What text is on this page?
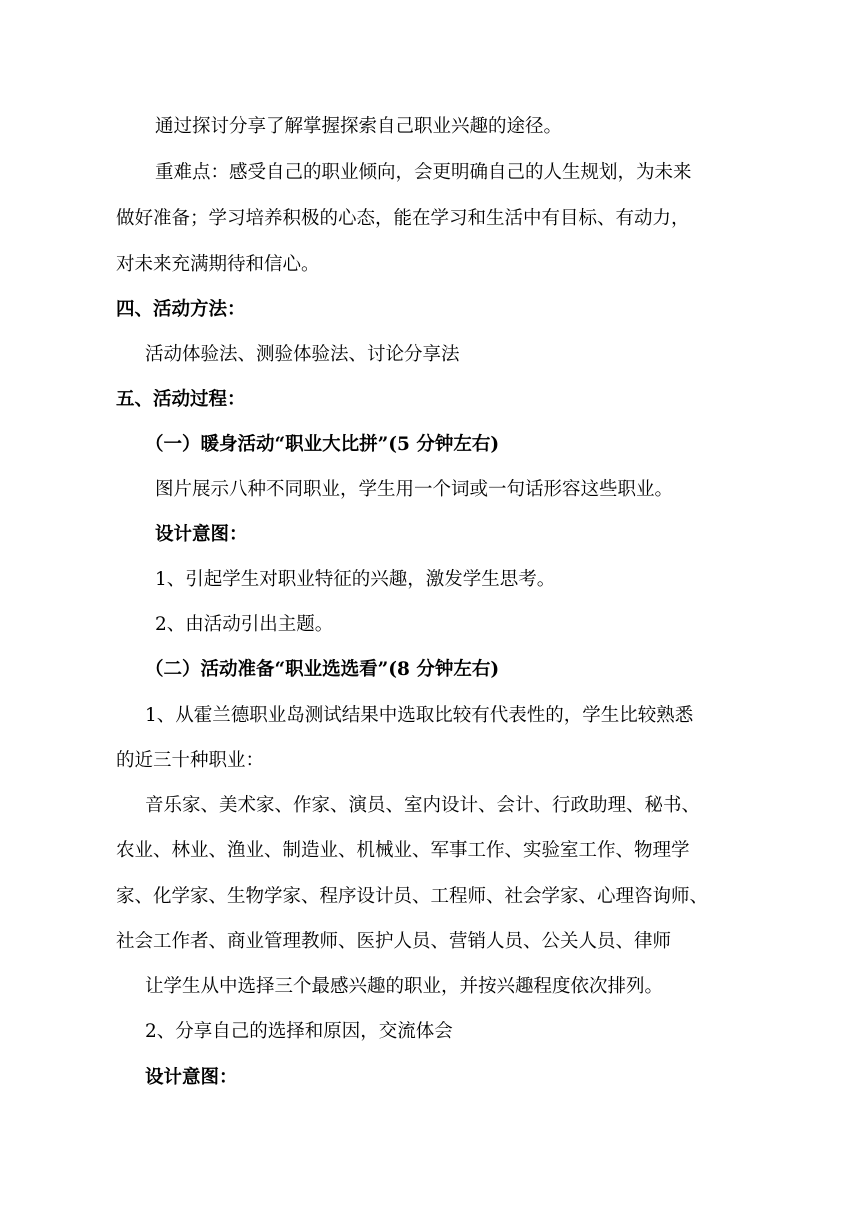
通过探讨分享了解掌握探索自己职业兴趣的途径。
重难点：感受自己的职业倾向，会更明确自己的人生规划，为未来
做好准备；学习培养积极的心态，能在学习和生活中有目标、有动力，
对未来充满期待和信心。
四、活动方法：
活动体验法、测验体验法、讨论分享法
五、活动过程：
（一）暖身活动“职业大比拼”(5 分钟左右)
图片展示八种不同职业，学生用一个词或一句话形容这些职业。
设计意图：
1、引起学生对职业特征的兴趣，激发学生思考。
2、由活动引出主题。
（二）活动准备“职业选选看”(8 分钟左右)
1、从霍兰德职业岛测试结果中选取比较有代表性的，学生比较熟悉
的近三十种职业：
音乐家、美术家、作家、演员、室内设计、会计、行政助理、秘书、
农业、林业、渔业、制造业、机械业、军事工作、实验室工作、物理学
家、化学家、生物学家、程序设计员、工程师、社会学家、心理咨询师、
社会工作者、商业管理教师、医护人员、营销人员、公关人员、律师
让学生从中选择三个最感兴趣的职业，并按兴趣程度依次排列。
2、分享自己的选择和原因，交流体会
设计意图：
